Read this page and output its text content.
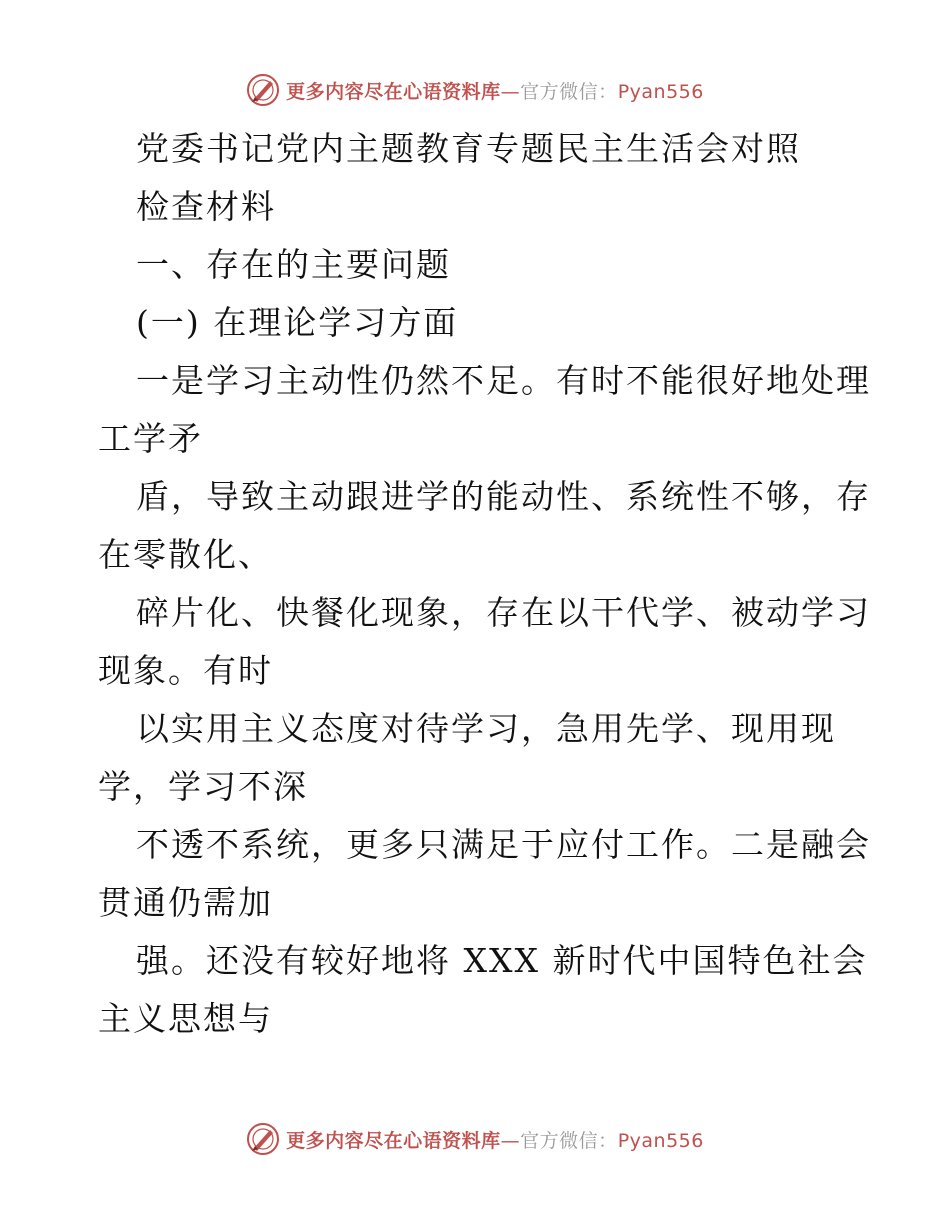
更多内容尽在心语资料库—官方微信：Pyan556
党委书记党内主题教育专题民主生活会对照
检查材料
一、存在的主要问题
(一) 在理论学习方面
一是学习主动性仍然不足。有时不能很好地处理
工学矛
盾，导致主动跟进学的能动性、系统性不够，存
在零散化、
碎片化、快餐化现象，存在以干代学、被动学习
现象。有时
以实用主义态度对待学习，急用先学、现用现
学，学习不深
不透不系统，更多只满足于应付工作。二是融会
贯通仍需加
强。还没有较好地将 XXX 新时代中国特色社会
主义思想与
更多内容尽在心语资料库—官方微信：Pyan556
